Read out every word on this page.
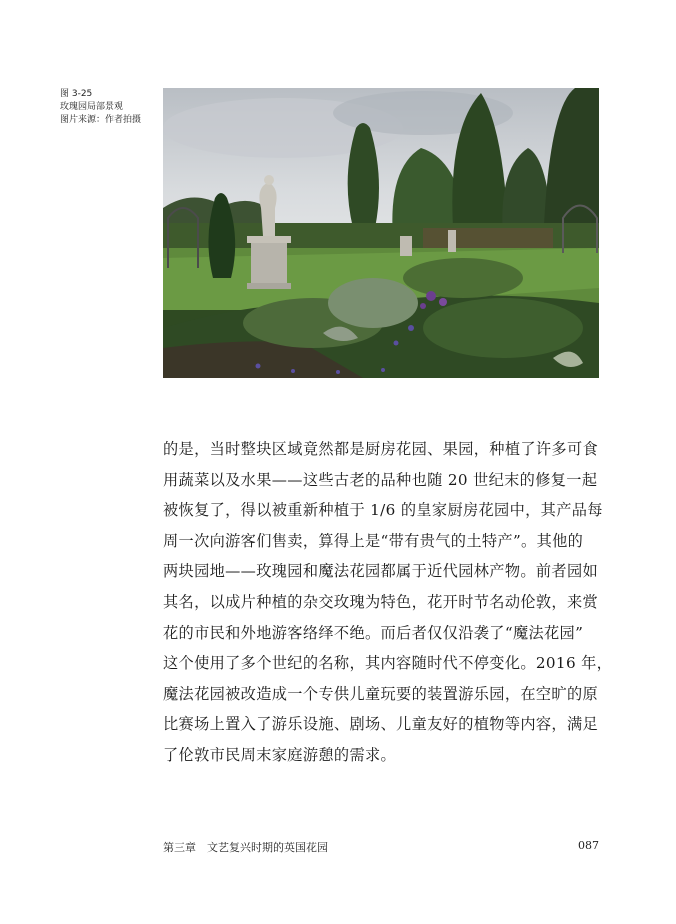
图 3-25
玫瑰园局部景观
图片来源：作者拍摄

的是，当时整块区域竟然都是厨房花园、果园，种植了许多可食
用蔬菜以及水果——这些古老的品种也随 20 世纪末的修复一起
被恢复了，得以被重新种植于 1/6 的皇家厨房花园中，其产品每
周一次向游客们售卖，算得上是“带有贵气的土特产”。其他的
两块园地——玫瑰园和魔法花园都属于近代园林产物。前者园如
其名，以成片种植的杂交玫瑰为特色，花开时节名动伦敦，来赏
花的市民和外地游客络绎不绝。而后者仅仅沿袭了“魔法花园”
这个使用了多个世纪的名称，其内容随时代不停变化。2016 年，
魔法花园被改造成一个专供儿童玩要的装置游乐园，在空旷的原
比赛场上置入了游乐设施、剧场、儿童友好的植物等内容，满足
了伦敦市民周末家庭游憩的需求。

第三章　文艺复兴时期的英国花园	087
